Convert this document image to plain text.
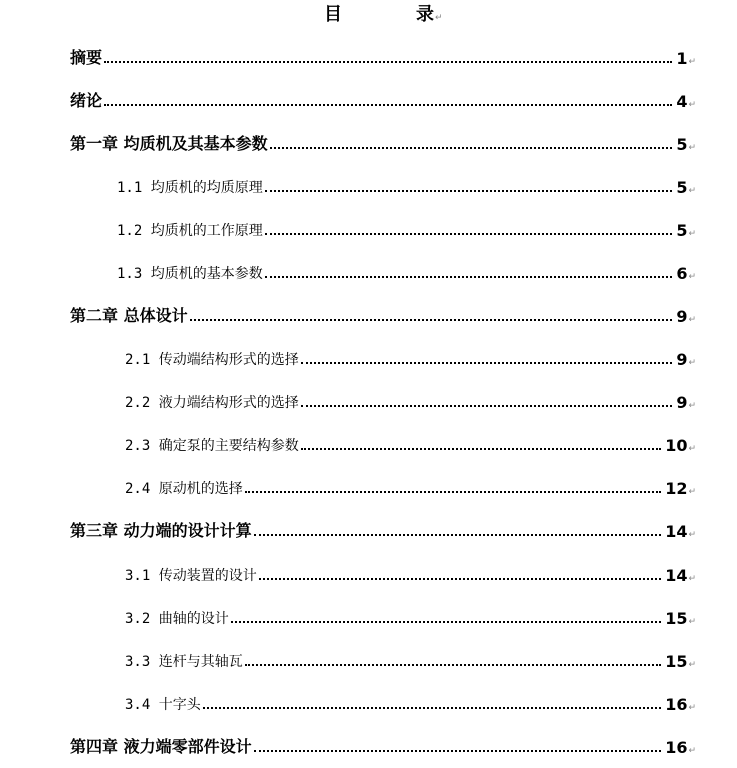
目	录↵
摘要	1↵
绪论	4↵
第一章 均质机及其基本参数	5↵
1.1 均质机的均质原理	5↵
1.2 均质机的工作原理	5↵
1.3 均质机的基本参数	6↵
第二章 总体设计	9↵
2.1 传动端结构形式的选择	9↵
2.2 液力端结构形式的选择	9↵
2.3 确定泵的主要结构参数	10↵
2.4 原动机的选择	12↵
第三章 动力端的设计计算	14↵
3.1 传动装置的设计	14↵
3.2 曲轴的设计	15↵
3.3 连杆与其轴瓦	15↵
3.4 十字头	16↵
第四章 液力端零部件设计	16↵
